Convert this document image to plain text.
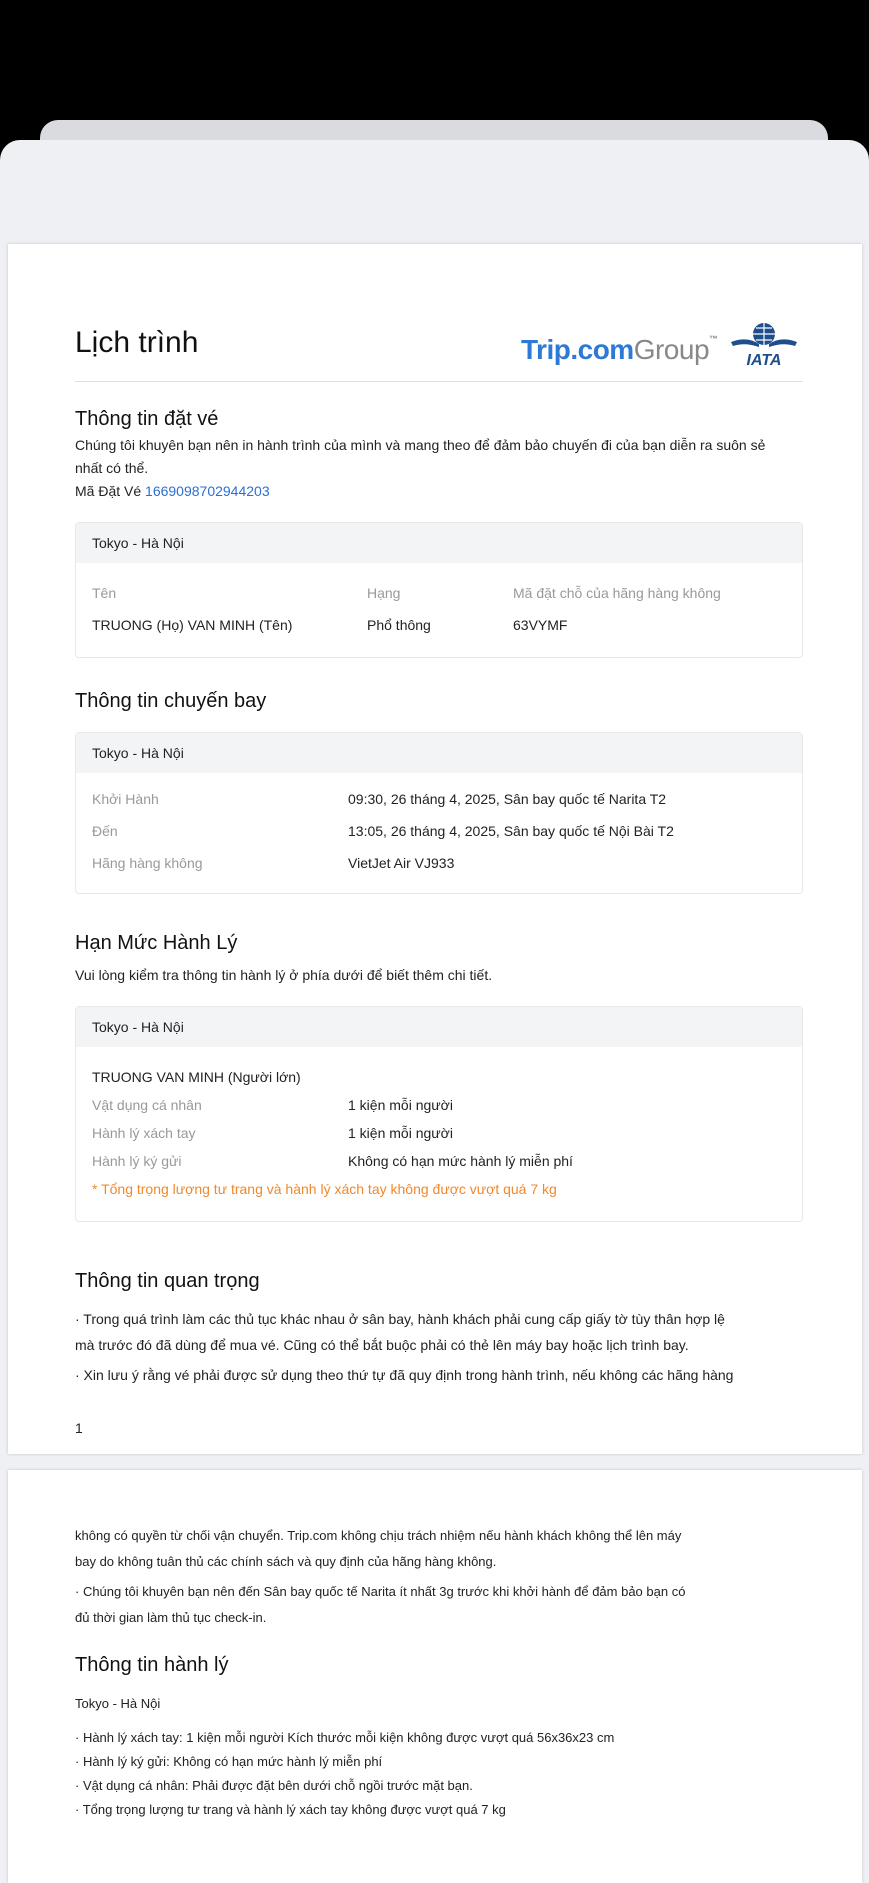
Lịch trình	Trip.comGroup™
IATA
Thông tin đặt vé

Chúng tôi khuyên bạn nên in hành trình của mình và mang theo để đảm bảo chuyến đi của bạn diễn ra suôn sẻ nhất có thể.

Mã Đặt Vé 1669098702944203

Tokyo - Hà Nội
Tên	Hạng	Mã đặt chỗ của hãng hàng không
TRUONG (Họ) VAN MINH (Tên)	Phổ thông	63VYMF
Thông tin chuyến bay
Tokyo - Hà Nội
Khởi Hành	09:30, 26 tháng 4, 2025, Sân bay quốc tế Narita T2
Đến	13:05, 26 tháng 4, 2025, Sân bay quốc tế Nội Bài T2
Hãng hàng không	VietJet Air VJ933
Hạn Mức Hành Lý

Vui lòng kiểm tra thông tin hành lý ở phía dưới để biết thêm chi tiết.

Tokyo - Hà Nội
TRUONG VAN MINH (Người lớn)
Vật dụng cá nhân	1 kiện mỗi người
Hành lý xách tay	1 kiện mỗi người
Hành lý ký gửi	Không có hạn mức hành lý miễn phí
* Tổng trọng lượng tư trang và hành lý xách tay không được vượt quá 7 kg
Thông tin quan trọng

· Trong quá trình làm các thủ tục khác nhau ở sân bay, hành khách phải cung cấp giấy tờ tùy thân hợp lệ

mà trước đó đã dùng để mua vé. Cũng có thể bắt buộc phải có thẻ lên máy bay hoặc lịch trình bay.

· Xin lưu ý rằng vé phải được sử dụng theo thứ tự đã quy định trong hành trình, nếu không các hãng hàng

1

không có quyền từ chối vận chuyển. Trip.com không chịu trách nhiệm nếu hành khách không thể lên máy

bay do không tuân thủ các chính sách và quy định của hãng hàng không.

· Chúng tôi khuyên bạn nên đến Sân bay quốc tế Narita ít nhất 3g trước khi khởi hành để đảm bảo bạn có

đủ thời gian làm thủ tục check-in.

Thông tin hành lý

Tokyo - Hà Nội

· Hành lý xách tay: 1 kiện mỗi người Kích thước mỗi kiện không được vượt quá 56x36x23 cm

· Hành lý ký gửi: Không có hạn mức hành lý miễn phí

· Vật dụng cá nhân: Phải được đặt bên dưới chỗ ngồi trước mặt bạn.

· Tổng trọng lượng tư trang và hành lý xách tay không được vượt quá 7 kg
